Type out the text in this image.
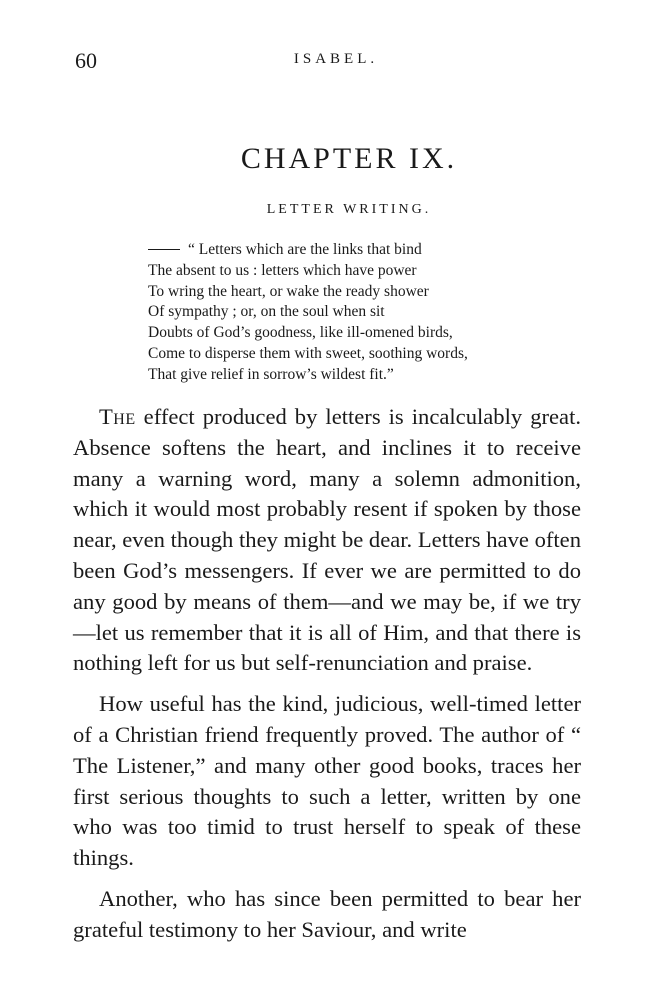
60	ISABEL.
CHAPTER IX.
LETTER WRITING.
“ Letters which are the links that bind
The absent to us : letters which have power
To wring the heart, or wake the ready shower
Of sympathy ; or, on the soul when sit
Doubts of God’s goodness, like ill-omened birds,
Come to disperse them with sweet, soothing words,
That give relief in sorrow’s wildest fit.”

The effect produced by letters is incalculably great. Absence softens the heart, and inclines it to receive many a warning word, many a solemn admonition, which it would most probably resent if spoken by those near, even though they might be dear. Letters have often been God’s messengers. If ever we are permitted to do any good by means of them—and we may be, if we try—let us remember that it is all of Him, and that there is nothing left for us but self-renunciation and praise.

How useful has the kind, judicious, well-timed letter of a Christian friend frequently proved. The author of “ The Listener,” and many other good books, traces her first serious thoughts to such a letter, written by one who was too timid to trust herself to speak of these things.

Another, who has since been permitted to bear her grateful testimony to her Saviour, and write
